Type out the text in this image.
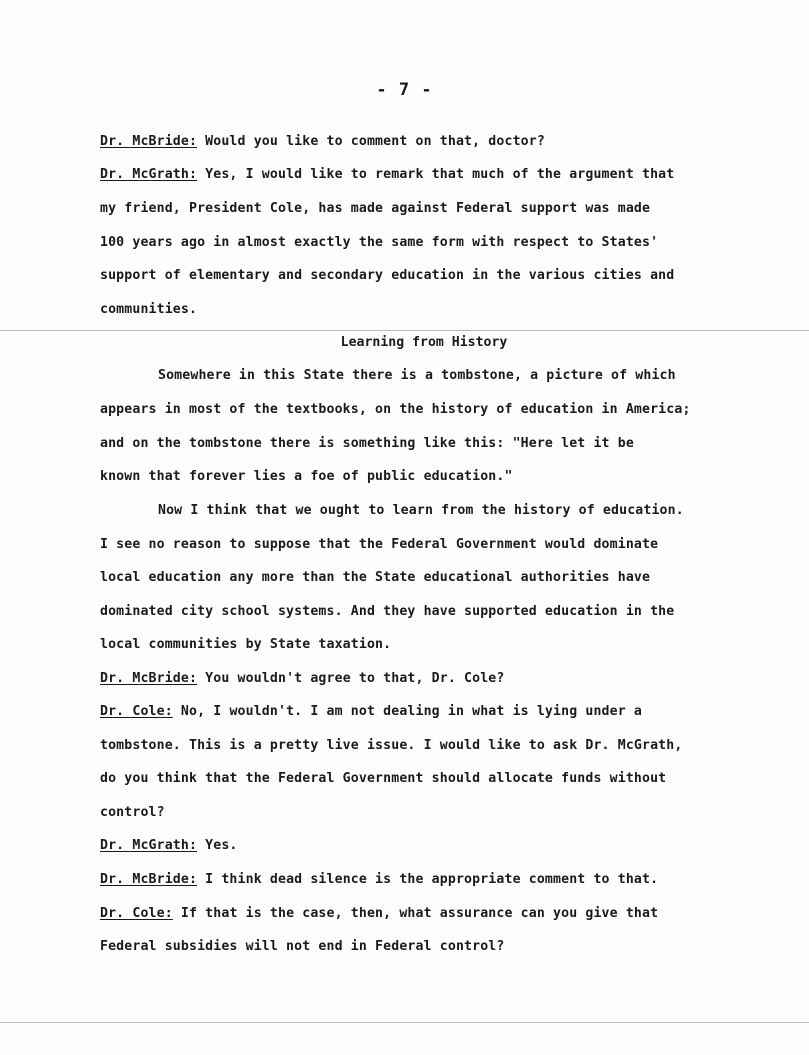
- 7 -
Dr. McBride: Would you like to comment on that, doctor?
Dr. McGrath: Yes, I would like to remark that much of the argument that
my friend, President Cole, has made against Federal support was made
100 years ago in almost exactly the same form with respect to States'
support of elementary and secondary education in the various cities and
communities.
Learning from History
Somewhere in this State there is a tombstone, a picture of which
appears in most of the textbooks, on the history of education in America;
and on the tombstone there is something like this: "Here let it be
known that forever lies a foe of public education."
Now I think that we ought to learn from the history of education.
I see no reason to suppose that the Federal Government would dominate
local education any more than the State educational authorities have
dominated city school systems. And they have supported education in the
local communities by State taxation.
Dr. McBride: You wouldn't agree to that, Dr. Cole?
Dr. Cole: No, I wouldn't. I am not dealing in what is lying under a
tombstone. This is a pretty live issue. I would like to ask Dr. McGrath,
do you think that the Federal Government should allocate funds without
control?
Dr. McGrath: Yes.
Dr. McBride: I think dead silence is the appropriate comment to that.
Dr. Cole: If that is the case, then, what assurance can you give that
Federal subsidies will not end in Federal control?
